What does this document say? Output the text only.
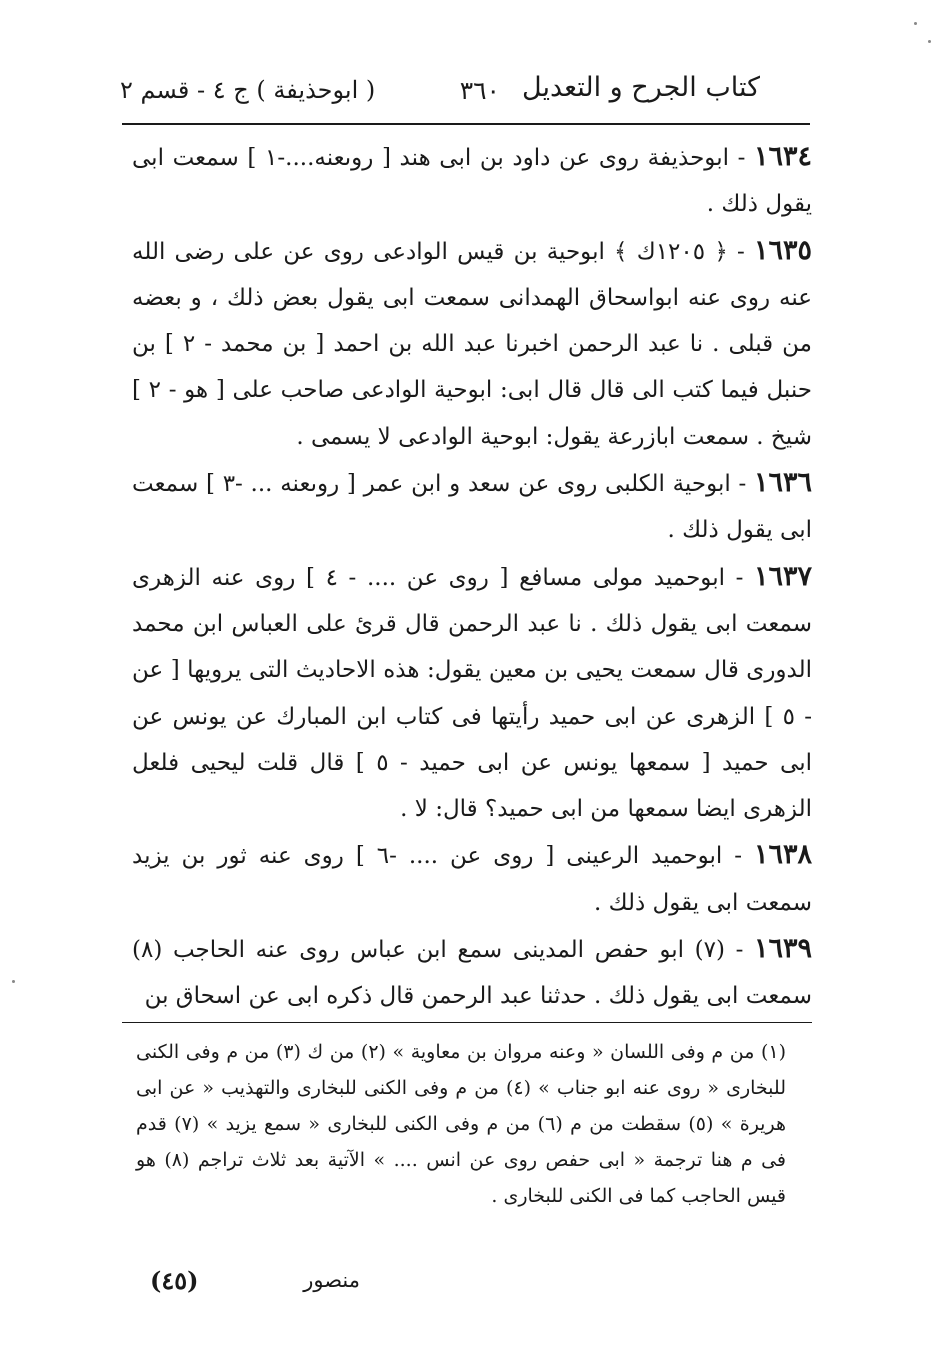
كتاب الجرح و التعديل
٣٦٠
( ابوحذيفة ) ج ٤ - قسم ٢

١٦٣٤ - ابوحذيفة روى عن داود بن ابى هند [ روىعنه....-١ ] سمعت ابى يقول ذلك .

١٦٣٥ - ﴿ ١٢٠٥ك ﴾ ابوحية بن قيس الوادعى روى عن على رضى الله عنه روى عنه ابواسحاق الهمدانى سمعت ابى يقول بعض ذلك ، و بعضه من قبلى . نا عبد الرحمن اخبرنا عبد الله بن احمد [ بن محمد - ٢ ] بن حنبل فيما كتب الى قال قال ابى: ابوحية الوادعى صاحب على [ هو - ٢ ] شيخ . سمعت ابازرعة يقول: ابوحية الوادعى لا يسمى .

١٦٣٦ - ابوحية الكلبى روى عن سعد و ابن عمر [ روىعنه ... -٣ ] سمعت ابى يقول ذلك .

١٦٣٧ - ابوحميد مولى مسافع [ روى عن .... - ٤ ] روى عنه الزهرى سمعت ابى يقول ذلك . نا عبد الرحمن قال قرئ على العباس ابن محمد الدورى قال سمعت يحيى بن معين يقول: هذه الاحاديث التى يرويها [ عن - ٥ ] الزهرى عن ابى حميد رأيتها فى كتاب ابن المبارك عن يونس عن ابى حميد [ سمعها يونس عن ابى حميد - ٥ ] قال قلت ليحيى فلعل الزهرى ايضا سمعها من ابى حميد؟ قال: لا .

١٦٣٨ - ابوحميد الرعينى [ روى عن .... -٦ ] روى عنه ثور بن يزيد سمعت ابى يقول ذلك .

١٦٣٩ - (٧) ابو حفص المدينى سمع ابن عباس روى عنه الحاجب (٨) سمعت ابى يقول ذلك . حدثنا عبد الرحمن قال ذكره ابى عن اسحاق بن

(١) من م وفى اللسان « وعنه مروان بن معاوية » (٢) من ك (٣) من م وفى الكنى للبخارى « روى عنه ابو جناب » (٤) من م وفى الكنى للبخارى والتهذيب « عن ابى هريرة » (٥) سقطت من م (٦) من م وفى الكنى للبخارى « سمع يزيد » (٧) قدم فى م هنا ترجمة « ابى حفص روى عن انس .... » الآتية بعد ثلاث تراجم (٨) هو قيس الحاجب كما فى الكنى للبخارى .
منصور
(٤٥)
